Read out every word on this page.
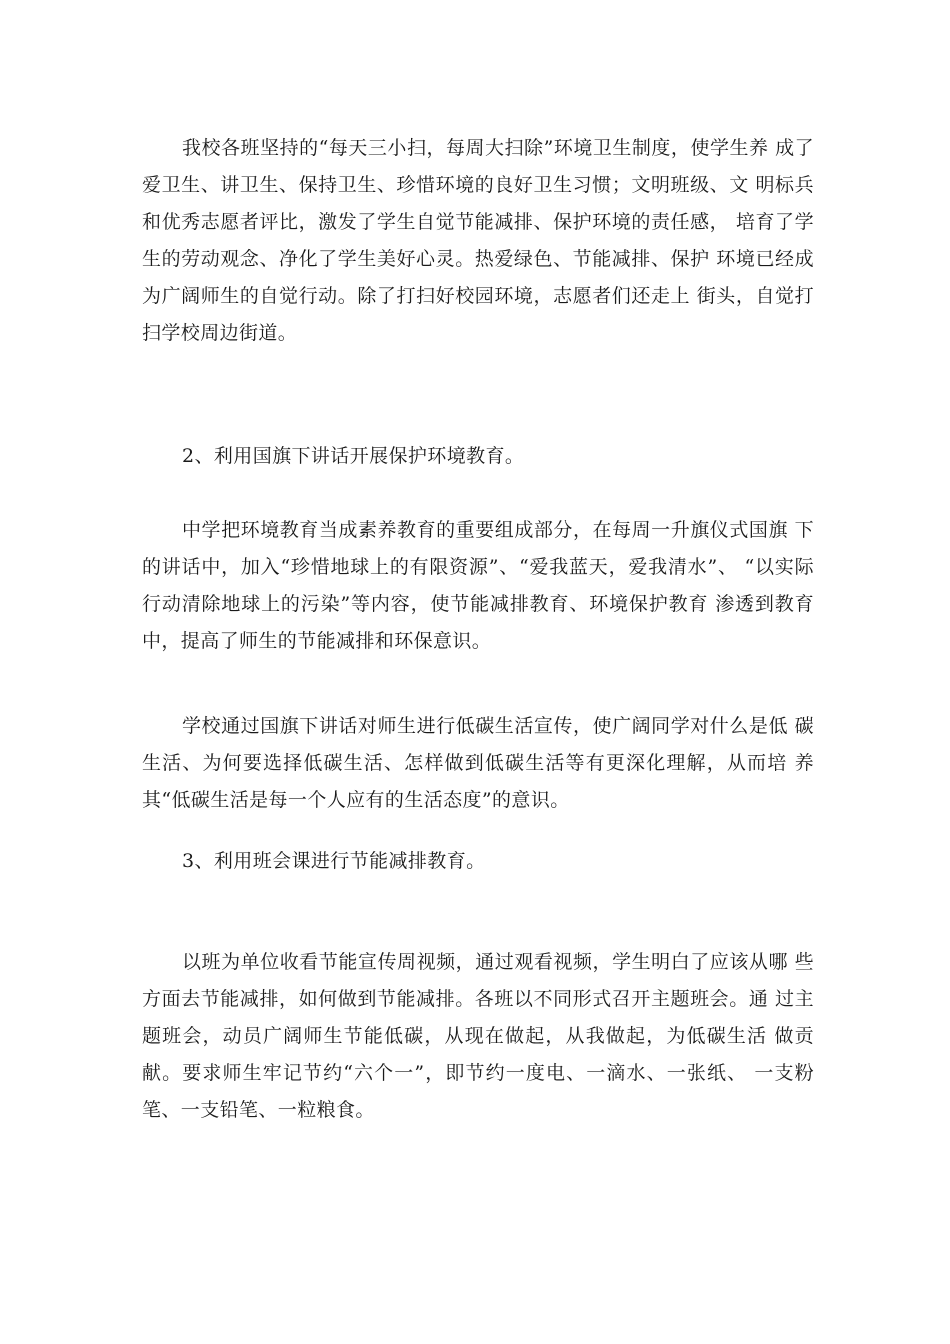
我校各班坚持的“每天三小扫，每周大扫除”环境卫生制度，使学生养 成了爱卫生、讲卫生、保持卫生、珍惜环境的良好卫生习惯；文明班级、文 明标兵和优秀志愿者评比，激发了学生自觉节能减排、保护环境的责任感， 培育了学生的劳动观念、净化了学生美好心灵。热爱绿色、节能减排、保护 环境已经成为广阔师生的自觉行动。除了打扫好校园环境，志愿者们还走上 街头，自觉打扫学校周边街道。

2、利用国旗下讲话开展保护环境教育。

中学把环境教育当成素养教育的重要组成部分，在每周一升旗仪式国旗 下的讲话中，加入“珍惜地球上的有限资源”、“爱我蓝天，爱我清水”、 “以实际行动清除地球上的污染”等内容，使节能减排教育、环境保护教育 渗透到教育中，提高了师生的节能减排和环保意识。

学校通过国旗下讲话对师生进行低碳生活宣传，使广阔同学对什么是低 碳生活、为何要选择低碳生活、怎样做到低碳生活等有更深化理解，从而培 养其“低碳生活是每一个人应有的生活态度”的意识。

3、利用班会课进行节能减排教育。

以班为单位收看节能宣传周视频，通过观看视频，学生明白了应该从哪 些方面去节能减排，如何做到节能减排。各班以不同形式召开主题班会。通 过主题班会，动员广阔师生节能低碳，从现在做起，从我做起，为低碳生活 做贡献。要求师生牢记节约“六个一”，即节约一度电、一滴水、一张纸、 一支粉笔、一支铅笔、一粒粮食。
